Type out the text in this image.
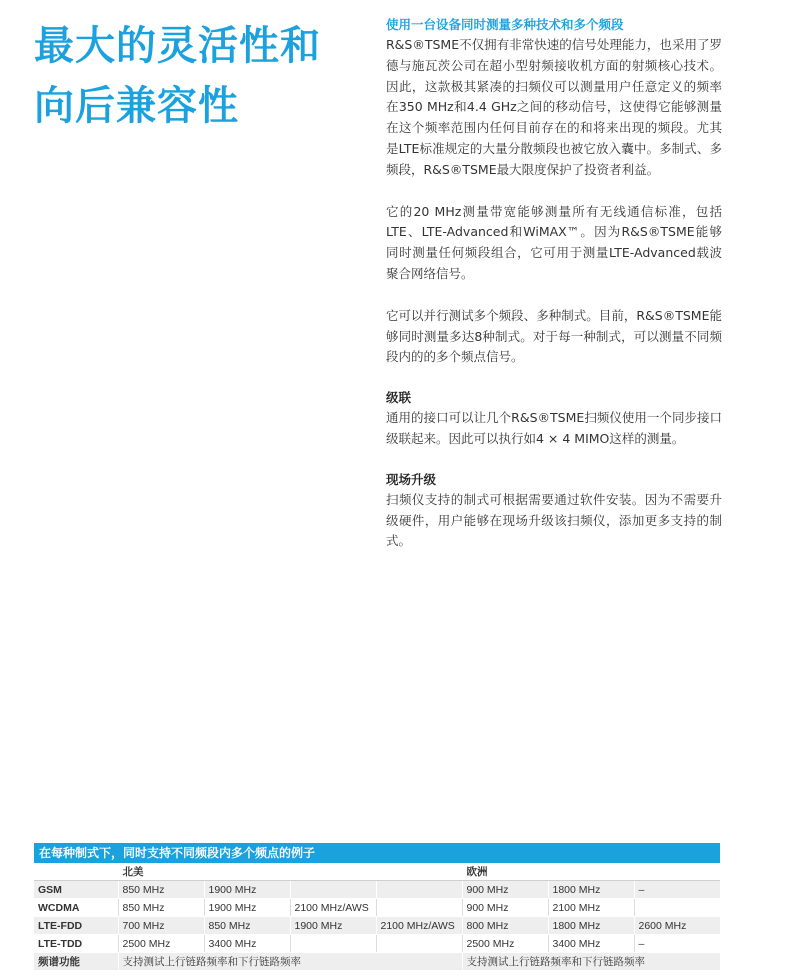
最大的灵活性和
向后兼容性
使用一台设备同时测量多种技术和多个频段

R&S®TSME不仅拥有非常快速的信号处理能力，也采用了罗德与施瓦茨公司在超小型射频接收机方面的射频核心技术。因此，这款极其紧凑的扫频仪可以测量用户任意定义的频率在350 MHz和4.4 GHz之间的移动信号，这使得它能够测量在这个频率范围内任何目前存在的和将来出现的频段。尤其是LTE标准规定的大量分散频段也被它放入囊中。多制式、多频段，R&S®TSME最大限度保护了投资者利益。

它的20 MHz测量带宽能够测量所有无线通信标准，包括LTE、LTE-Advanced和WiMAX™。因为R&S®TSME能够同时测量任何频段组合，它可用于测量LTE-Advanced载波聚合网络信号。

它可以并行测试多个频段、多种制式。目前，R&S®TSME能够同时测量多达8种制式。对于每一种制式，可以测量不同频段内的的多个频点信号。

级联

通用的接口可以让几个R&S®TSME扫频仪使用一个同步接口级联起来。因此可以执行如4 × 4 MIMO这样的测量。

现场升级

扫频仪支持的制式可根据需要通过软件安装。因为不需要升级硬件，用户能够在现场升级该扫频仪，添加更多支持的制式。

在每种制式下，同时支持不同频段内多个频点的例子
	北美				欧洲		
GSM	850 MHz	1900 MHz			900 MHz	1800 MHz	–
WCDMA	850 MHz	1900 MHz	2100 MHz/AWS		900 MHz	2100 MHz	
LTE-FDD	700 MHz	850 MHz	1900 MHz	2100 MHz/AWS	800 MHz	1800 MHz	2600 MHz
LTE-TDD	2500 MHz	3400 MHz			2500 MHz	3400 MHz	–
频谱功能	支持测试上行链路频率和下行链路频率				支持测试上行链路频率和下行链路频率		
